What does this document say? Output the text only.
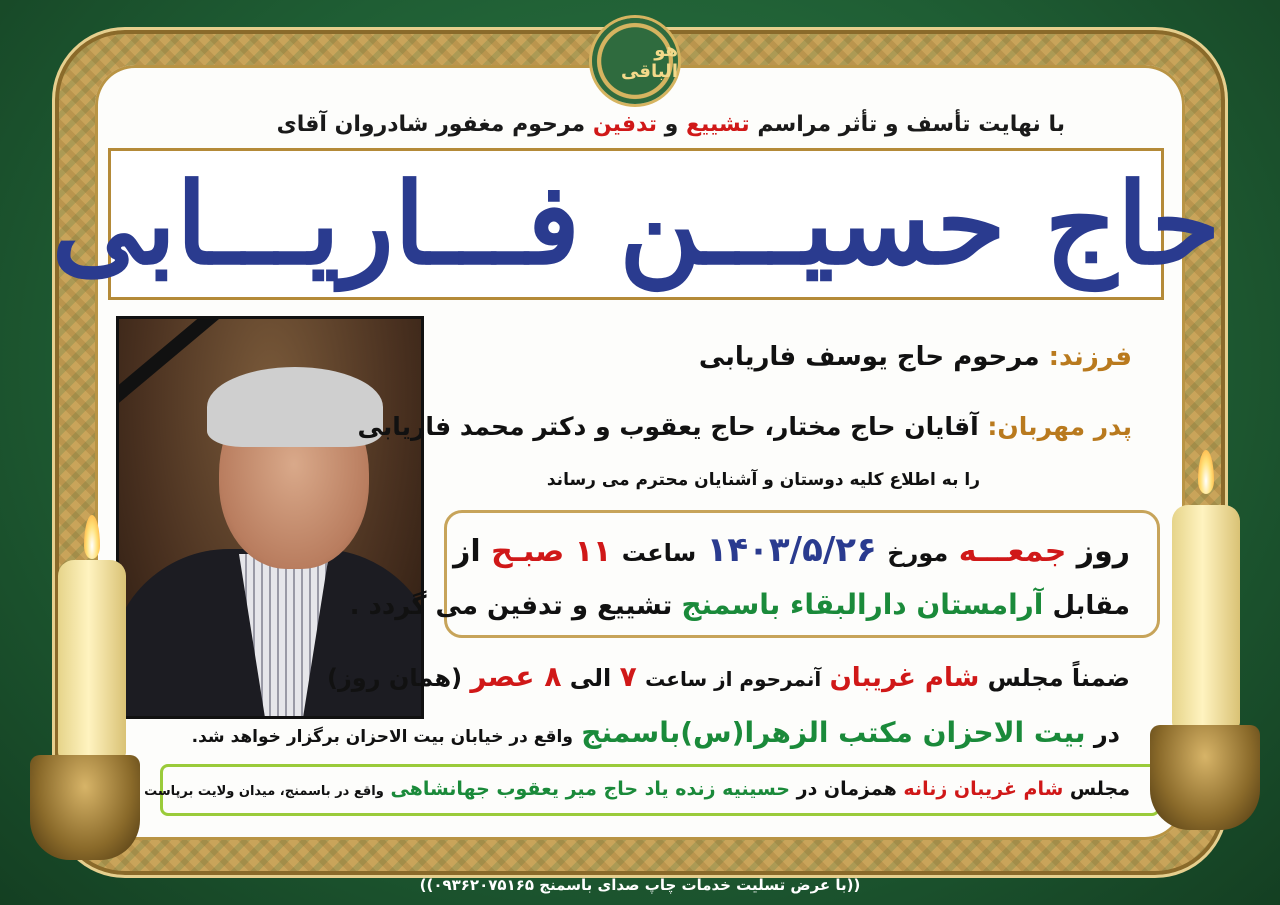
هو الباقی
با نهایت تأسف و تأثر مراسم تشییع و تدفین مرحوم مغفور شادروان آقای
حاج حسیـــن فـــاریـــابی
فرزند: مرحوم حاج یوسف فاریابی
پدر مهربان: آقایان حاج مختار، حاج یعقوب و دکتر محمد فاریابی
را به اطلاع کلیه دوستان و آشنایان محترم می رساند
روز جمعـــه مورخ ۱۴۰۳/۵/۲۶ ساعت ۱۱ صبـح از
مقابل آرامستان دارالبقاء باسمنج تشییع و تدفین می گردد .
ضمناً مجلس شام غریبان آنمرحوم از ساعت ۷ الی ۸ عصر (همان روز)
در بیت الاحزان مکتب الزهرا(س)باسمنج واقع در خیابان بیت الاحزان برگزار خواهد شد.
مجلس شام غریبان زنانه همزمان در حسینیه زنده یاد حاج میر یعقوب جهانشاهی واقع در باسمنج، میدان ولایت برپاست
((با عرض تسلیت خدمات چاپ صدای باسمنج ۰۹۳۶۲۰۷۵۱۶۵))
